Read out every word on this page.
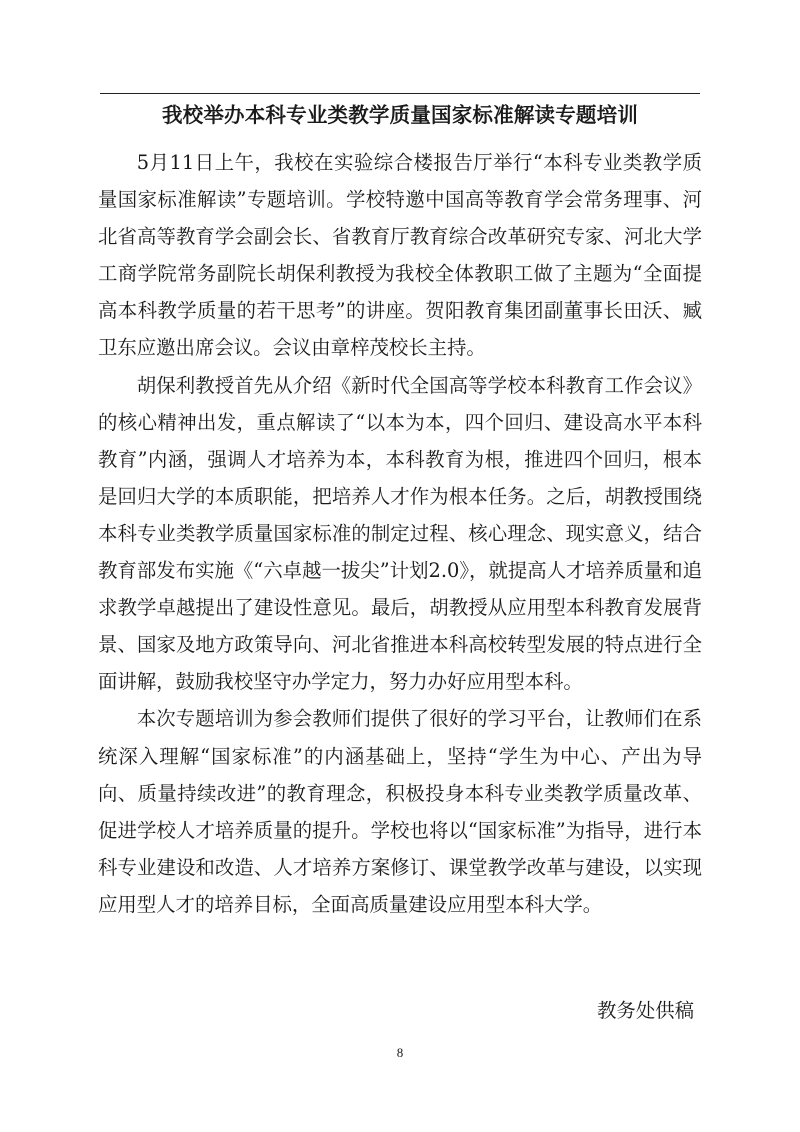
我校举办本科专业类教学质量国家标准解读专题培训

5月11日上午，我校在实验综合楼报告厅举行“本科专业类教学质量国家标准解读”专题培训。学校特邀中国高等教育学会常务理事、河北省高等教育学会副会长、省教育厅教育综合改革研究专家、河北大学工商学院常务副院长胡保利教授为我校全体教职工做了主题为“全面提高本科教学质量的若干思考”的讲座。贺阳教育集团副董事长田沃、臧卫东应邀出席会议。会议由章梓茂校长主持。

胡保利教授首先从介绍《新时代全国高等学校本科教育工作会议》的核心精神出发，重点解读了“以本为本，四个回归、建设高水平本科教育”内涵，强调人才培养为本，本科教育为根，推进四个回归，根本是回归大学的本质职能，把培养人才作为根本任务。之后，胡教授围绕本科专业类教学质量国家标准的制定过程、核心理念、现实意义，结合教育部发布实施《“六卓越一拔尖”计划2.0》，就提高人才培养质量和追求教学卓越提出了建设性意见。最后，胡教授从应用型本科教育发展背景、国家及地方政策导向、河北省推进本科高校转型发展的特点进行全面讲解，鼓励我校坚守办学定力，努力办好应用型本科。

本次专题培训为参会教师们提供了很好的学习平台，让教师们在系统深入理解“国家标准”的内涵基础上，坚持“学生为中心、产出为导向、质量持续改进”的教育理念，积极投身本科专业类教学质量改革、促进学校人才培养质量的提升。学校也将以“国家标准”为指导，进行本科专业建设和改造、人才培养方案修订、课堂教学改革与建设，以实现应用型人才的培养目标，全面高质量建设应用型本科大学。

教务处供稿
8
